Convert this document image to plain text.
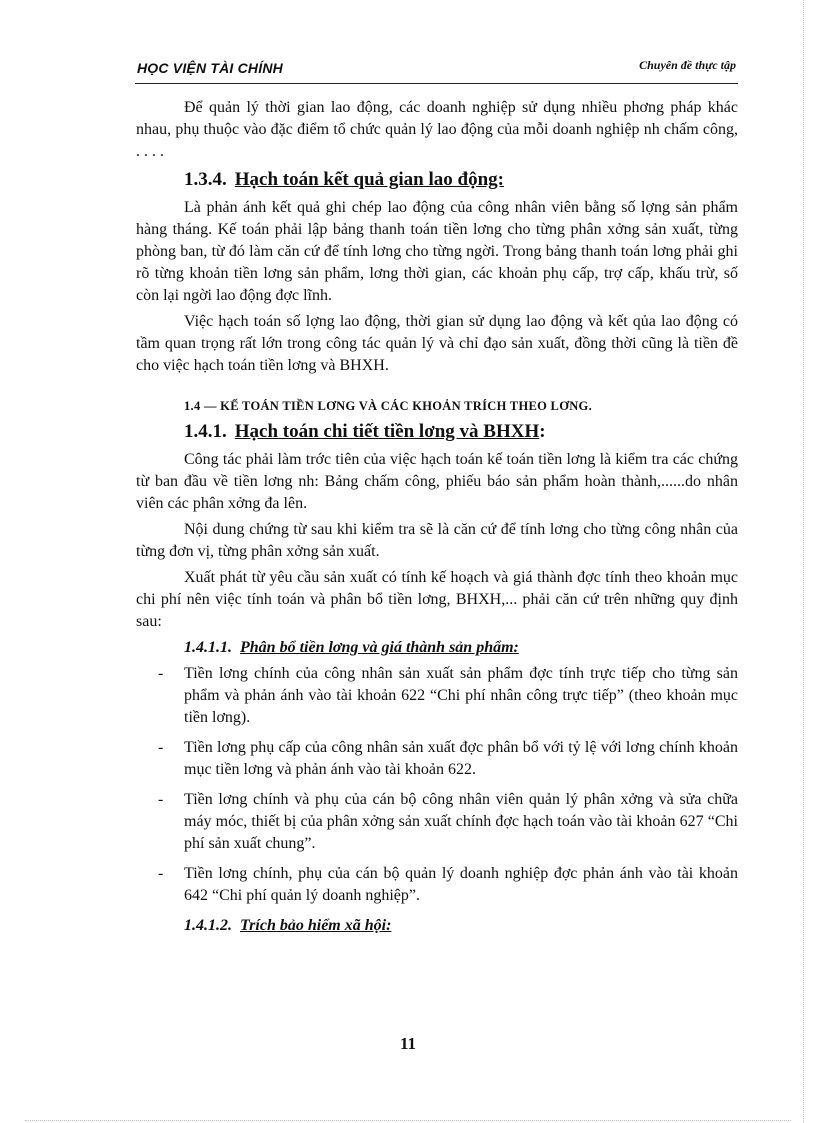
HỌC VIỆN TÀI CHÍNH	Chuyên đề thực tập

Để quản lý thời gian lao động, các doanh nghiệp sử dụng nhiều phơng pháp khác nhau, phụ thuộc vào đặc điểm tổ chức quản lý lao động của mỗi doanh nghiệp nh chấm công, . . . .

1.3.4. Hạch toán kết quả gian lao động:

Là phản ánh kết quả ghi chép lao động của công nhân viên bằng số lợng sản phẩm hàng tháng. Kế toán phải lập bảng thanh toán tiền lơng cho từng phân xởng sản xuất, từng phòng ban, từ đó làm căn cứ để tính lơng cho từng ngời. Trong bảng thanh toán lơng phải ghi rõ từng khoản tiền lơng sản phẩm, lơng thời gian, các khoản phụ cấp, trợ cấp, khấu trừ, số còn lại ngời lao động đợc lĩnh.

Việc hạch toán số lợng lao động, thời gian sử dụng lao động và kết qủa lao động có tầm quan trọng rất lớn trong công tác quản lý và chỉ đạo sản xuất, đồng thời cũng là tiền đề cho việc hạch toán tiền lơng và BHXH.

1.4 — KẾ TOÁN TIỀN LƠNG VÀ CÁC KHOẢN TRÍCH THEO LƠNG.
1.4.1. Hạch toán chi tiết tiền lơng và BHXH:

Công tác phải làm trớc tiên của việc hạch toán kế toán tiền lơng là kiểm tra các chứng từ ban đầu về tiền lơng nh: Bảng chấm công, phiếu báo sản phẩm hoàn thành,......do nhân viên các phân xởng đa lên.

Nội dung chứng từ sau khi kiểm tra sẽ là căn cứ để tính lơng cho từng công nhân của từng đơn vị, từng phân xởng sản xuất.

Xuất phát từ yêu cầu sản xuất có tính kế hoạch và giá thành đợc tính theo khoản mục chi phí nên việc tính toán và phân bổ tiền lơng, BHXH,... phải căn cứ trên những quy định sau:

1.4.1.1. Phân bổ tiền lơng và giá thành sản phẩm:
- Tiền lơng chính của công nhân sản xuất sản phẩm đợc tính trực tiếp cho từng sản phẩm và phản ánh vào tài khoản 622 “Chi phí nhân công trực tiếp” (theo khoản mục tiền lơng).
- Tiền lơng phụ cấp của công nhân sản xuất đợc phân bổ với tỷ lệ với lơng chính khoản mục tiền lơng và phản ánh vào tài khoản 622.
- Tiền lơng chính và phụ của cán bộ công nhân viên quản lý phân xởng và sửa chữa máy móc, thiết bị của phân xởng sản xuất chính đợc hạch toán vào tài khoản 627 “Chi phí sản xuất chung”.
- Tiền lơng chính, phụ của cán bộ quản lý doanh nghiệp đợc phản ánh vào tài khoản 642 “Chi phí quản lý doanh nghiệp”.
1.4.1.2. Trích bảo hiểm xã hội:
11
